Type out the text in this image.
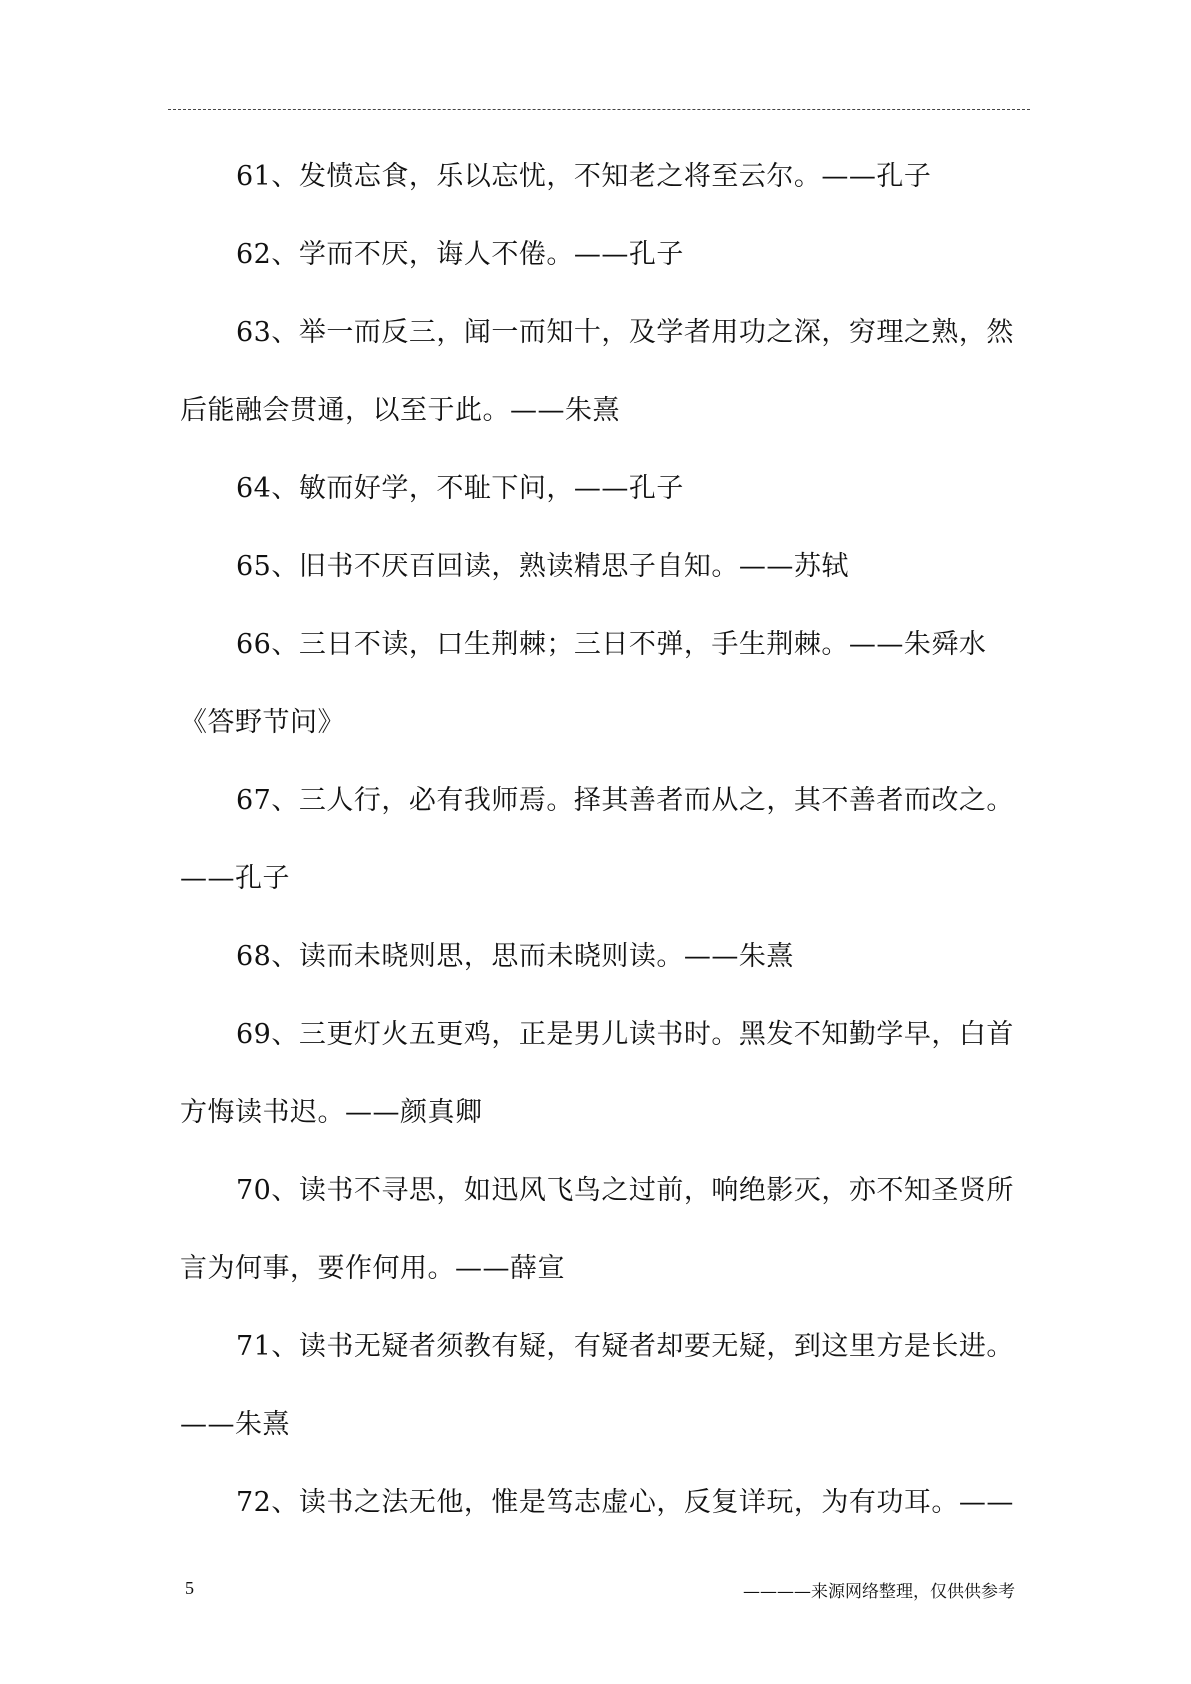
61、发愤忘食，乐以忘忧，不知老之将至云尔。——孔子

62、学而不厌，诲人不倦。——孔子

63、举一而反三，闻一而知十，及学者用功之深，穷理之熟，然后能融会贯通，以至于此。——朱熹

64、敏而好学，不耻下问，——孔子

65、旧书不厌百回读，熟读精思子自知。——苏轼

66、三日不读，口生荆棘；三日不弹，手生荆棘。——朱舜水《答野节问》

67、三人行，必有我师焉。择其善者而从之，其不善者而改之。——孔子

68、读而未晓则思，思而未晓则读。——朱熹

69、三更灯火五更鸡，正是男儿读书时。黑发不知勤学早，白首方悔读书迟。——颜真卿

70、读书不寻思，如迅风飞鸟之过前，响绝影灭，亦不知圣贤所言为何事，要作何用。——薛宣

71、读书无疑者须教有疑，有疑者却要无疑，到这里方是长进。——朱熹

72、读书之法无他，惟是笃志虚心，反复详玩，为有功耳。——

5	————来源网络整理，仅供供参考
